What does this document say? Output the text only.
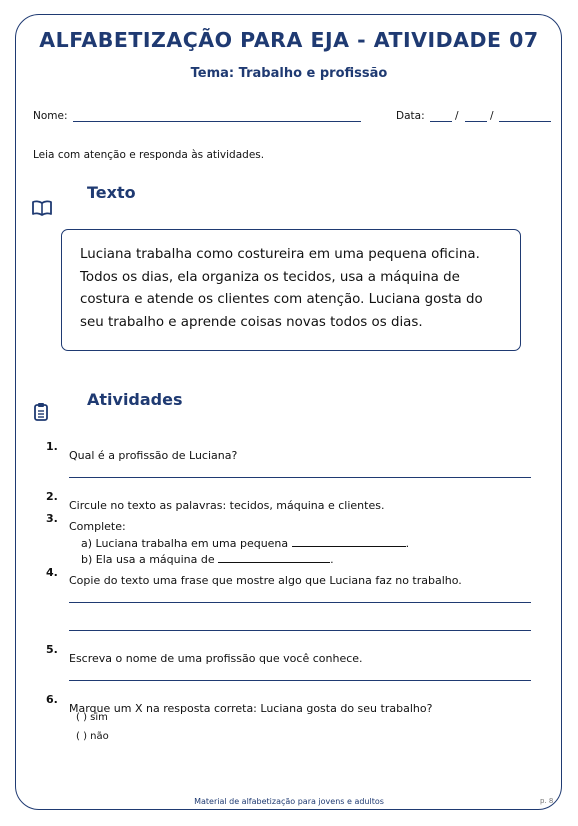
ALFABETIZAÇÃO PARA EJA - ATIVIDADE 07
Tema: Trabalho e profissão
Nome:	Data:	/	/
Leia com atenção e responda às atividades.
Texto
Luciana trabalha como costureira em uma pequena oficina.
Todos os dias, ela organiza os tecidos, usa a máquina de
costura e atende os clientes com atenção. Luciana gosta do
seu trabalho e aprende coisas novas todos os dias.
Atividades
1.
Qual é a profissão de Luciana?
2.
Circule no texto as palavras: tecidos, máquina e clientes.
3.
Complete:
a) Luciana trabalha em uma pequena	.
b) Ela usa a máquina de	.
4.
Copie do texto uma frase que mostre algo que Luciana faz no trabalho.
5.
Escreva o nome de uma profissão que você conhece.
6.
Marque um X na resposta correta: Luciana gosta do seu trabalho?
( ) sim
( ) não
Material de alfabetização para jovens e adultos	p. 8
